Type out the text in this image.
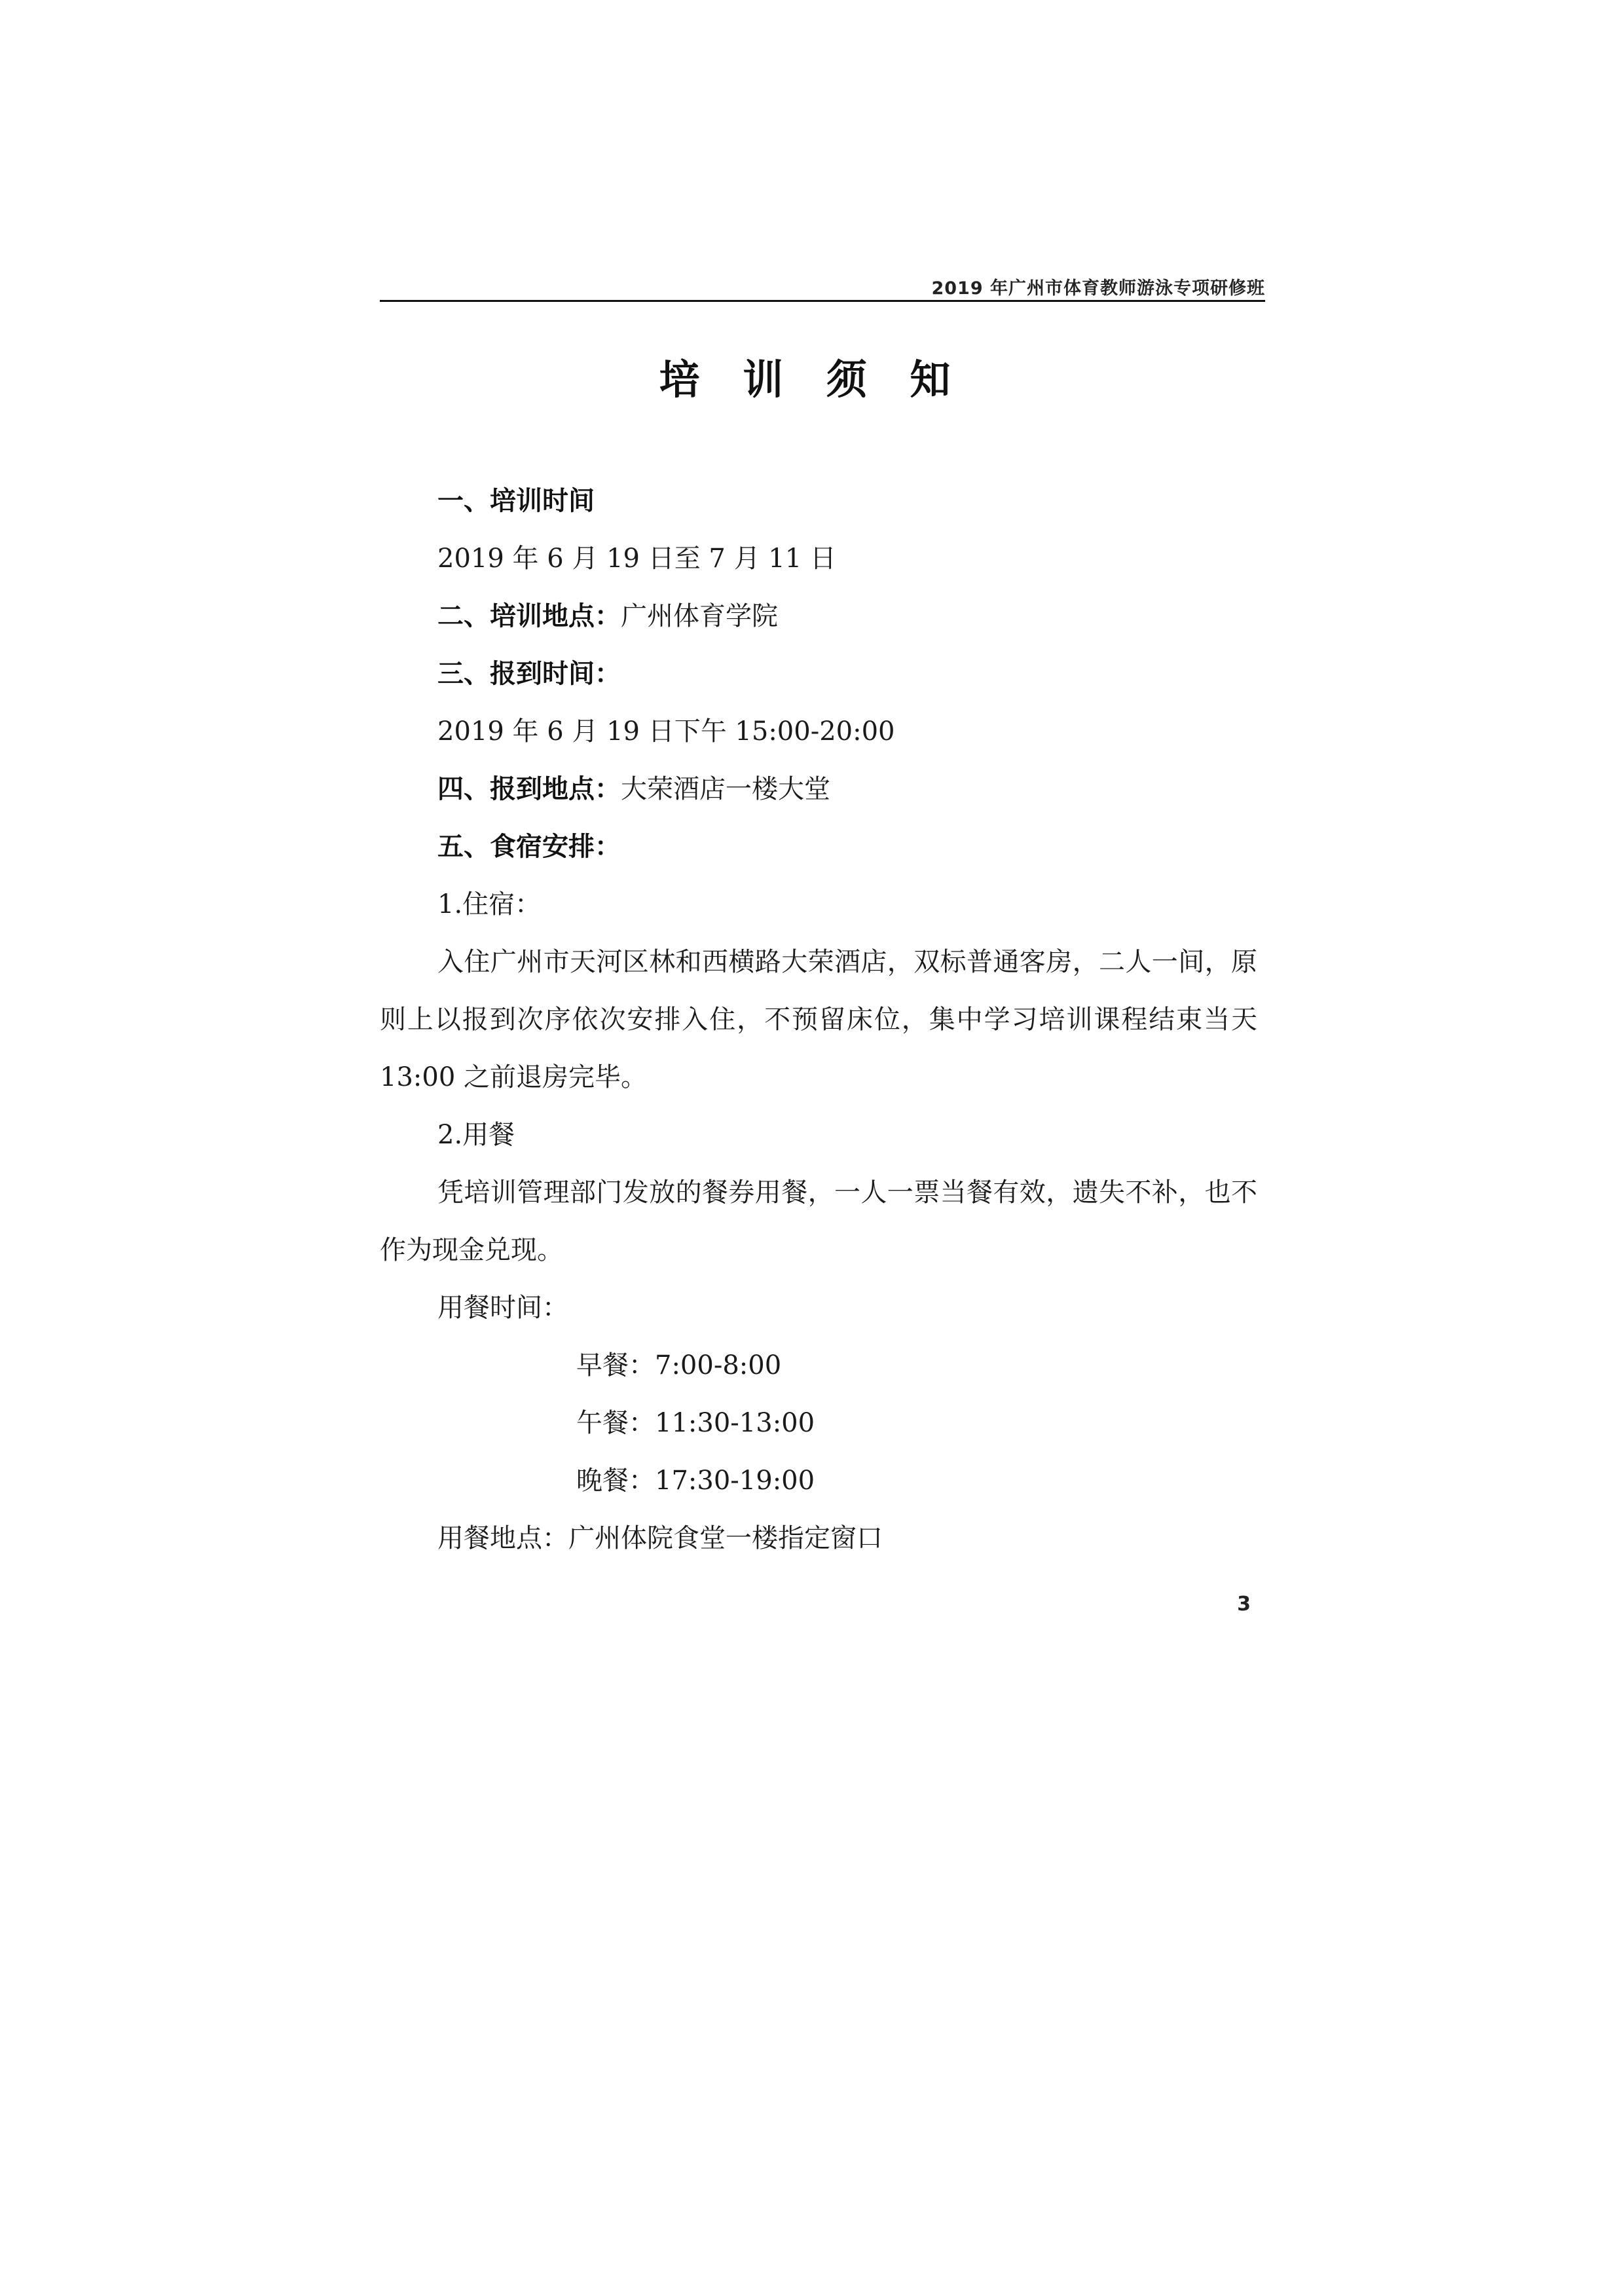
2019 年广州市体育教师游泳专项研修班
培 训 须 知
一、培训时间
2019 年 6 月 19 日至 7 月 11 日
二、培训地点：广州体育学院
三、报到时间：
2019 年 6 月 19 日下午 15:00-20:00
四、报到地点：大荣酒店一楼大堂
五、食宿安排：
1.住宿：
入住广州市天河区林和西横路大荣酒店，双标普通客房，二人一间，原则上以报到次序依次安排入住，不预留床位，集中学习培训课程结束当天 13:00 之前退房完毕。
2.用餐
凭培训管理部门发放的餐券用餐，一人一票当餐有效，遗失不补，也不作为现金兑现。
用餐时间：
早餐：7:00-8:00
午餐：11:30-13:00
晚餐：17:30-19:00
用餐地点：广州体院食堂一楼指定窗口
3
